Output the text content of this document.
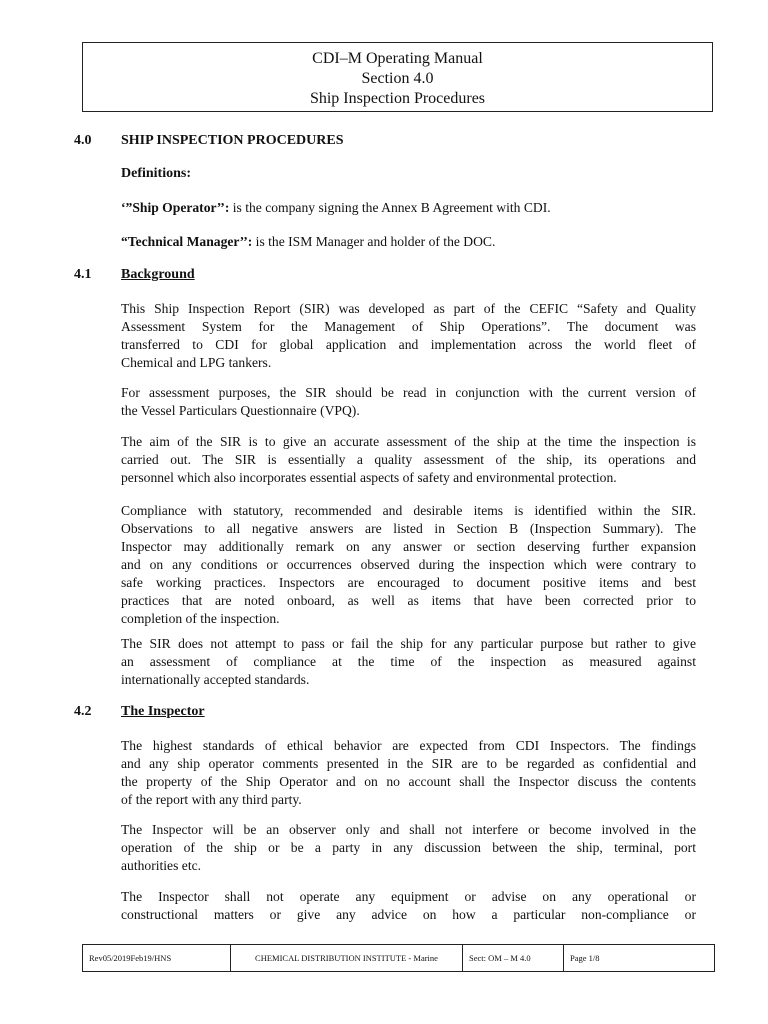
CDI–M Operating Manual
Section 4.0
Ship Inspection Procedures
4.0 SHIP INSPECTION PROCEDURES
Definitions:
‘”Ship Operator’’: is the company signing the Annex B Agreement with CDI.
“Technical Manager’’: is the ISM Manager and holder of the DOC.
4.1 Background
This Ship Inspection Report (SIR) was developed as part of the CEFIC “Safety and Quality
Assessment System for the Management of Ship Operations”. The document was
transferred to CDI for global application and implementation across the world fleet of
Chemical and LPG tankers.
For assessment purposes, the SIR should be read in conjunction with the current version of
the Vessel Particulars Questionnaire (VPQ).
The aim of the SIR is to give an accurate assessment of the ship at the time the inspection is
carried out. The SIR is essentially a quality assessment of the ship, its operations and
personnel which also incorporates essential aspects of safety and environmental protection.
Compliance with statutory, recommended and desirable items is identified within the SIR.
Observations to all negative answers are listed in Section B (Inspection Summary). The
Inspector may additionally remark on any answer or section deserving further expansion
and on any conditions or occurrences observed during the inspection which were contrary to
safe working practices. Inspectors are encouraged to document positive items and best
practices that are noted onboard, as well as items that have been corrected prior to
completion of the inspection.
The SIR does not attempt to pass or fail the ship for any particular purpose but rather to give
an assessment of compliance at the time of the inspection as measured against
internationally accepted standards.
4.2 The Inspector
The highest standards of ethical behavior are expected from CDI Inspectors. The findings
and any ship operator comments presented in the SIR are to be regarded as confidential and
the property of the Ship Operator and on no account shall the Inspector discuss the contents
of the report with any third party.
The Inspector will be an observer only and shall not interfere or become involved in the
operation of the ship or be a party in any discussion between the ship, terminal, port
authorities etc.
The Inspector shall not operate any equipment or advise on any operational or
constructional matters or give any advice on how a particular non-compliance or
Rev05/2019Feb19/HNS	CHEMICAL DISTRIBUTION INSTITUTE - Marine	Sect: OM – M 4.0	Page 1/8
